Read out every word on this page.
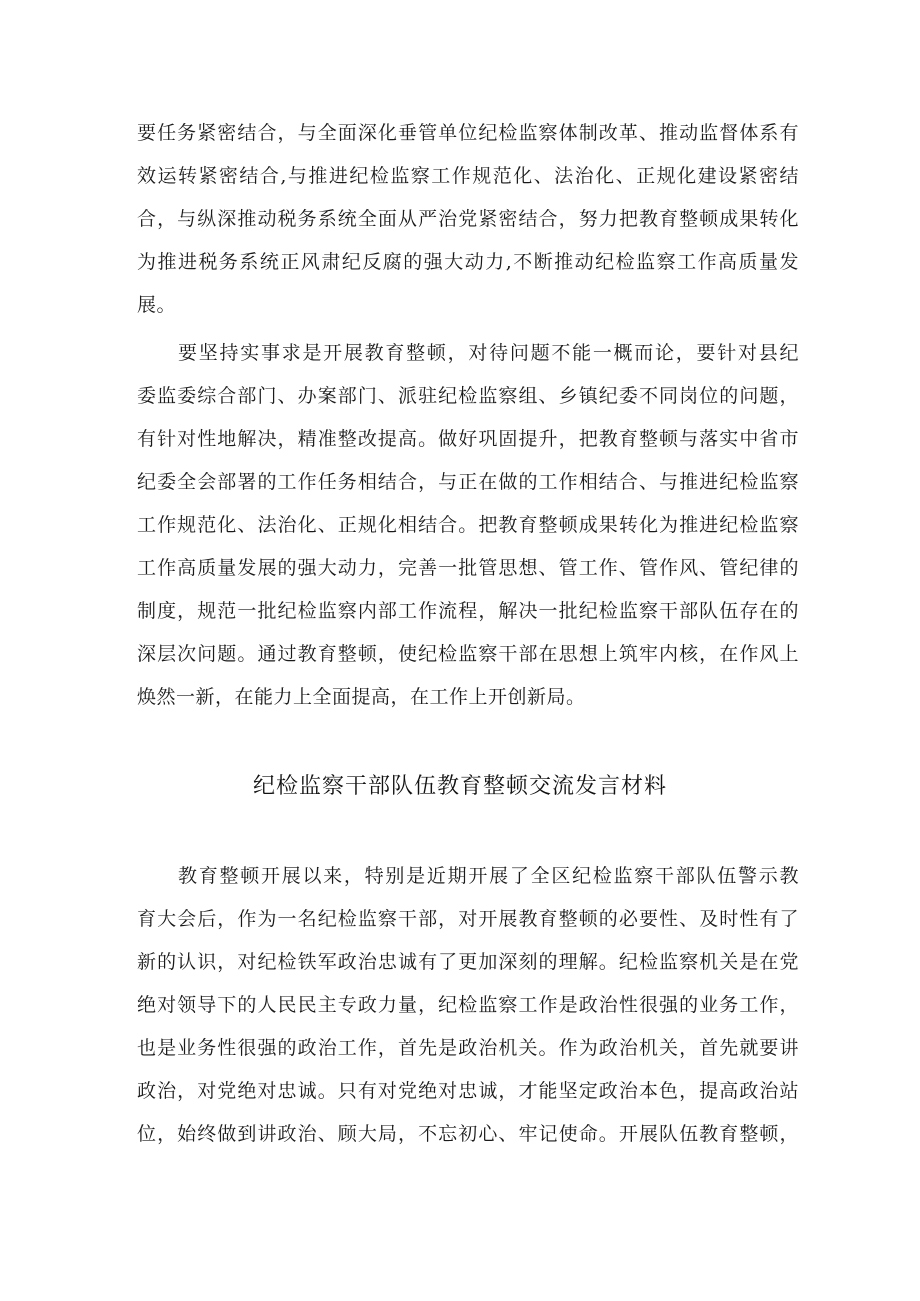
要任务紧密结合，与全面深化垂管单位纪检监察体制改革、推动监督体系有
效运转紧密结合,与推进纪检监察工作规范化、法治化、正规化建设紧密结
合，与纵深推动税务系统全面从严治党紧密结合，努力把教育整顿成果转化
为推进税务系统正风肃纪反腐的强大动力,不断推动纪检监察工作高质量发
展。
要坚持实事求是开展教育整顿，对待问题不能一概而论，要针对县纪
委监委综合部门、办案部门、派驻纪检监察组、乡镇纪委不同岗位的问题，
有针对性地解决，精准整改提高。做好巩固提升，把教育整顿与落实中省市
纪委全会部署的工作任务相结合，与正在做的工作相结合、与推进纪检监察
工作规范化、法治化、正规化相结合。把教育整顿成果转化为推进纪检监察
工作高质量发展的强大动力，完善一批管思想、管工作、管作风、管纪律的
制度，规范一批纪检监察内部工作流程，解决一批纪检监察干部队伍存在的
深层次问题。通过教育整顿，使纪检监察干部在思想上筑牢内核，在作风上
焕然一新，在能力上全面提高，在工作上开创新局。
纪检监察干部队伍教育整顿交流发言材料
教育整顿开展以来，特别是近期开展了全区纪检监察干部队伍警示教
育大会后，作为一名纪检监察干部，对开展教育整顿的必要性、及时性有了
新的认识，对纪检铁军政治忠诚有了更加深刻的理解。纪检监察机关是在党
绝对领导下的人民民主专政力量，纪检监察工作是政治性很强的业务工作，
也是业务性很强的政治工作，首先是政治机关。作为政治机关，首先就要讲
政治，对党绝对忠诚。只有对党绝对忠诚，才能坚定政治本色，提高政治站
位，始终做到讲政治、顾大局，不忘初心、牢记使命。开展队伍教育整顿，
